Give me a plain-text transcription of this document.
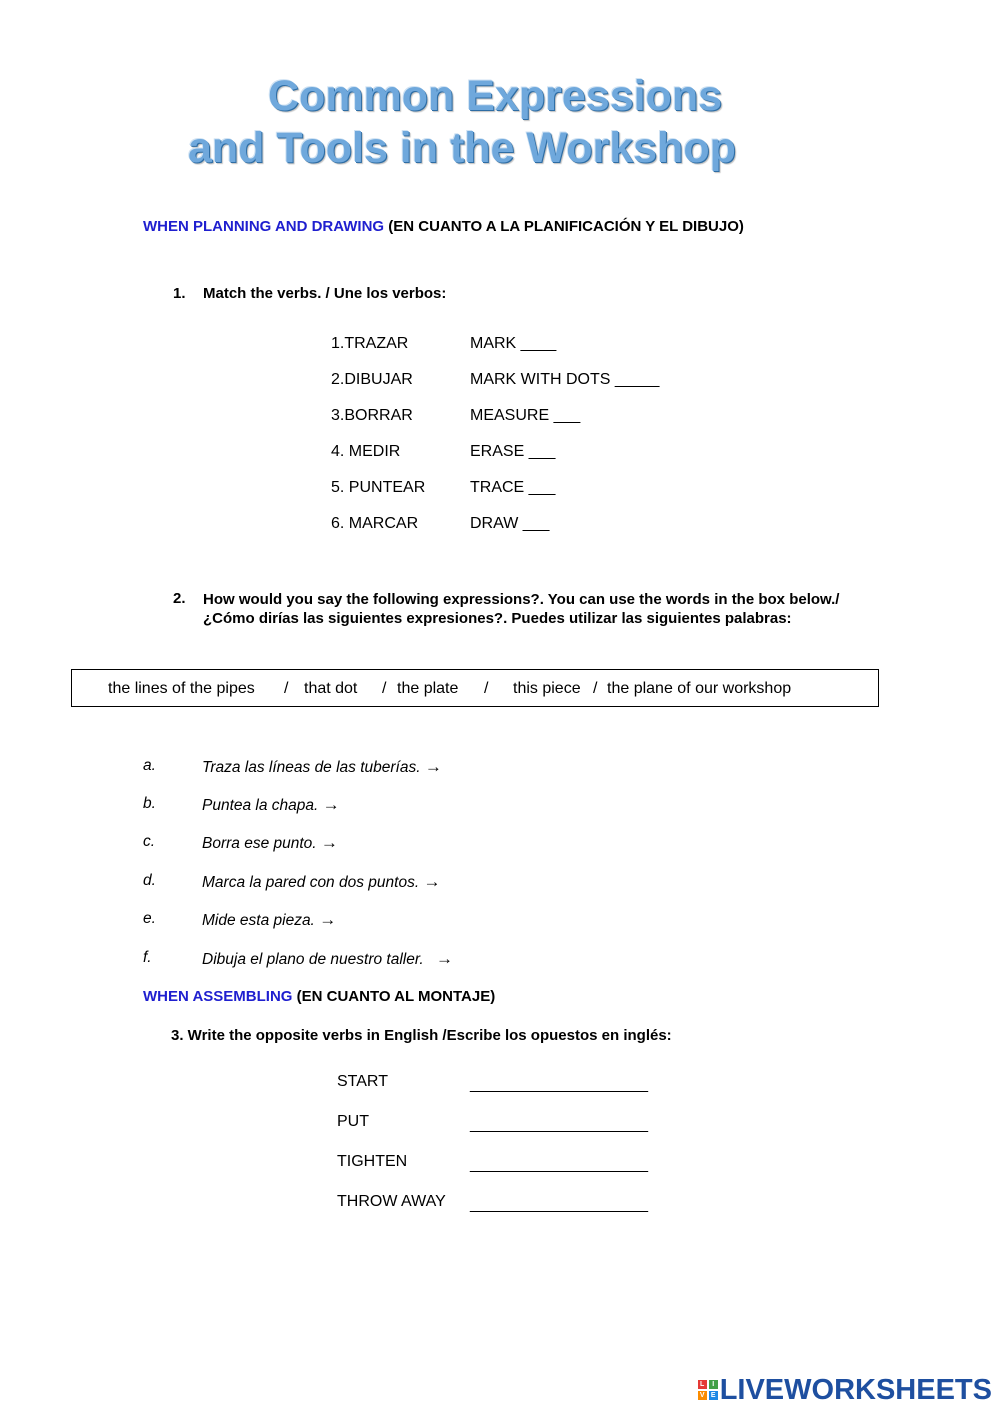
Common Expressions
and Tools in the Workshop
WHEN PLANNING AND DRAWING (EN CUANTO A LA PLANIFICACIÓN Y EL DIBUJO)
1. Match the verbs. / Une los verbos:
1.TRAZAR	MARK ____
2.DIBUJAR	MARK WITH DOTS _____
3.BORRAR	MEASURE ___
4. MEDIR	ERASE ___
5. PUNTEAR	TRACE ___
6. MARCAR	DRAW ___
2. How would you say the following expressions?. You can use the words in the box below./ ¿Cómo dirías las siguientes expresiones?. Puedes utilizar las siguientes palabras:
the lines of the pipes / that dot / the plate / this piece / the plane of our workshop
a.	Traza las líneas de las tuberías. →
b.	Puntea la chapa. →
c.	Borra ese punto. →
d.	Marca la pared con dos puntos. →
e.	Mide esta pieza. →
f.	Dibuja el plano de nuestro taller. →
WHEN ASSEMBLING (EN CUANTO AL MONTAJE)
3. Write the opposite verbs in English /Escribe los opuestos en inglés:
START	____________________
PUT	____________________
TIGHTEN	____________________
THROW AWAY ____________________
L	I
V E LIVEWORKSHEETS
